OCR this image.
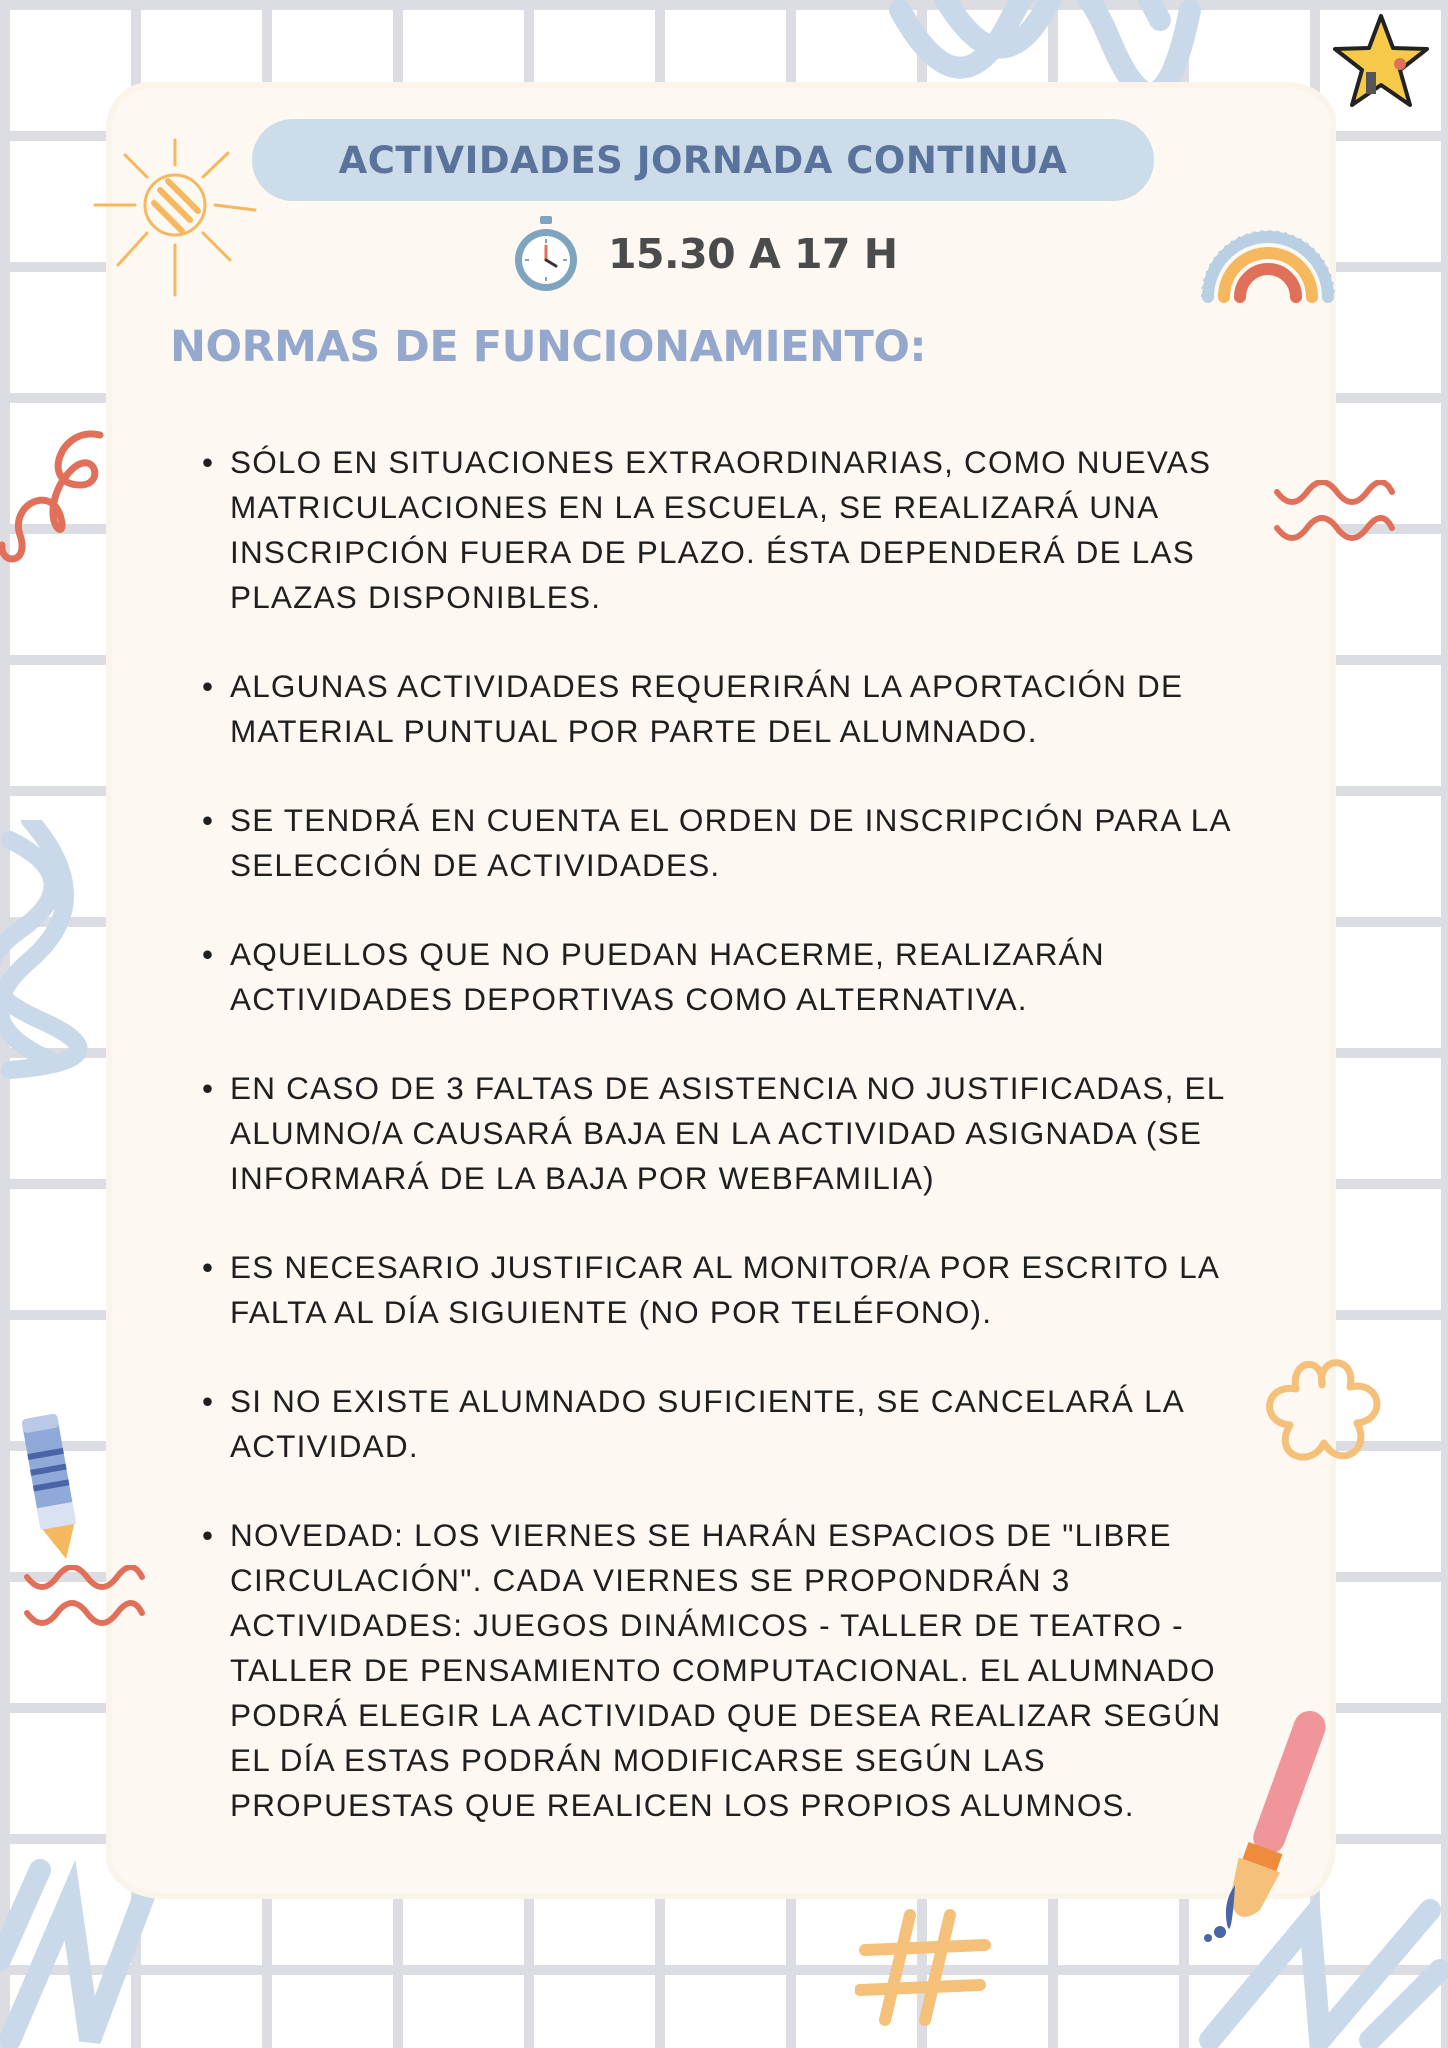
ACTIVIDADES JORNADA CONTINUA
15.30 A 17 H
NORMAS DE FUNCIONAMIENTO:
• SÓLO EN SITUACIONES EXTRAORDINARIAS, COMO NUEVAS MATRICULACIONES EN LA ESCUELA, SE REALIZARÁ UNA INSCRIPCIÓN FUERA DE PLAZO. ÉSTA DEPENDERÁ DE LAS PLAZAS DISPONIBLES.
• ALGUNAS ACTIVIDADES REQUERIRÁN LA APORTACIÓN DE MATERIAL PUNTUAL POR PARTE DEL ALUMNADO.
• SE TENDRÁ EN CUENTA EL ORDEN DE INSCRIPCIÓN PARA LA SELECCIÓN DE ACTIVIDADES.
• AQUELLOS QUE NO PUEDAN HACERME, REALIZARÁN ACTIVIDADES DEPORTIVAS COMO ALTERNATIVA.
• EN CASO DE 3 FALTAS DE ASISTENCIA NO JUSTIFICADAS, EL ALUMNO/A CAUSARÁ BAJA EN LA ACTIVIDAD ASIGNADA (SE INFORMARÁ DE LA BAJA POR WEBFAMILIA)
• ES NECESARIO JUSTIFICAR AL MONITOR/A POR ESCRITO LA FALTA AL DÍA SIGUIENTE (NO POR TELÉFONO).
• SI NO EXISTE ALUMNADO SUFICIENTE, SE CANCELARÁ LA ACTIVIDAD.
• NOVEDAD: LOS VIERNES SE HARÁN ESPACIOS DE "LIBRE CIRCULACIÓN". CADA VIERNES SE PROPONDRÁN 3 ACTIVIDADES: JUEGOS DINÁMICOS - TALLER DE TEATRO - TALLER DE PENSAMIENTO COMPUTACIONAL. EL ALUMNADO PODRÁ ELEGIR LA ACTIVIDAD QUE DESEA REALIZAR SEGÚN EL DÍA ESTAS PODRÁN MODIFICARSE SEGÚN LAS PROPUESTAS QUE REALICEN LOS PROPIOS ALUMNOS.
